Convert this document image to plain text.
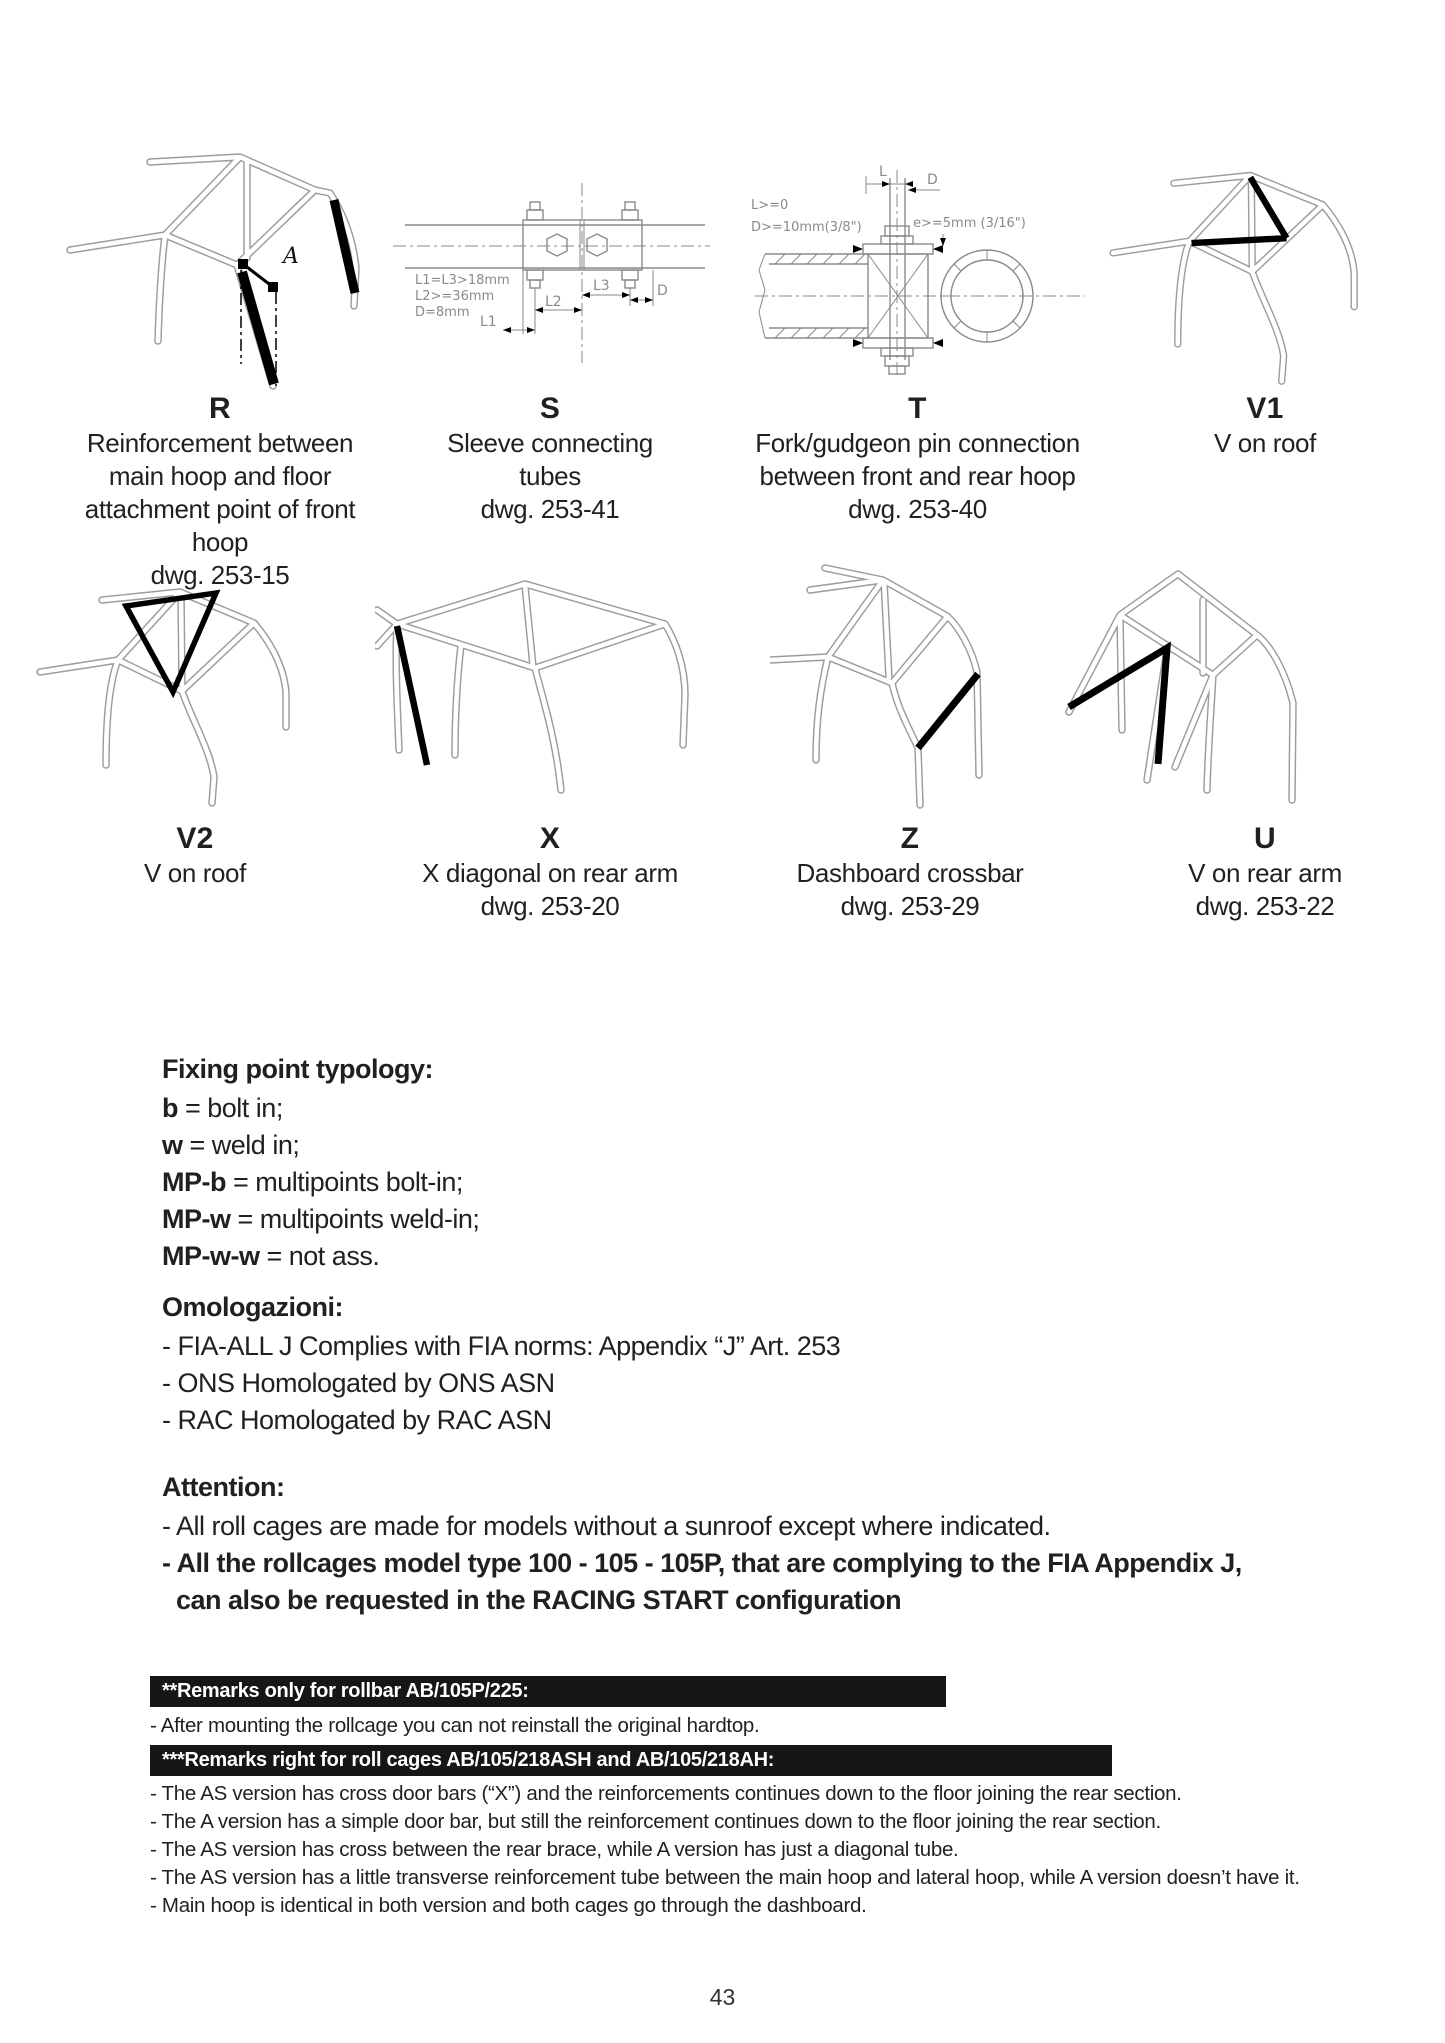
A
R
Reinforcement between main hoop and floor attachment point of front hoop
dwg. 253-15
L1=L3>18mm
L2>=36mm
D=8mm
L1
L2
L3	D
S
Sleeve connecting tubes
dwg. 253-41
L>=0
D>=10mm(3/8")	e>=5mm (3/16")
L	D
T
Fork/gudgeon pin connection between front and rear hoop
dwg. 253-40
V1
V on roof
V2
V on roof
X
X diagonal on rear arm
dwg. 253-20
Z
Dashboard crossbar
dwg. 253-29
U
V on rear arm
dwg. 253-22
Fixing point typology:
b = bolt in;
w = weld in;
MP-b = multipoints bolt-in;
MP-w = multipoints weld-in;
MP-w-w = not ass.
Omologazioni:
- FIA-ALL J Complies with FIA norms: Appendix “J” Art. 253
- ONS Homologated by ONS ASN
- RAC Homologated by RAC ASN
Attention:
- All roll cages are made for models without a sunroof except where indicated.
- All the rollcages model type 100 - 105 - 105P, that are complying to the FIA Appendix J,
can also be requested in the RACING START configuration
**Remarks only for rollbar AB/105P/225:
- After mounting the rollcage you can not reinstall the original hardtop.
***Remarks right for roll cages AB/105/218ASH and AB/105/218AH:
- The AS version has cross door bars (“X”) and the reinforcements continues down to the floor joining the rear section.
- The A version has a simple door bar, but still the reinforcement continues down to the floor joining the rear section.
- The AS version has cross between the rear brace, while A version has just a diagonal tube.
- The AS version has a little transverse reinforcement tube between the main hoop and lateral hoop, while A version doesn’t have it.
- Main hoop is identical in both version and both cages go through the dashboard.
43
